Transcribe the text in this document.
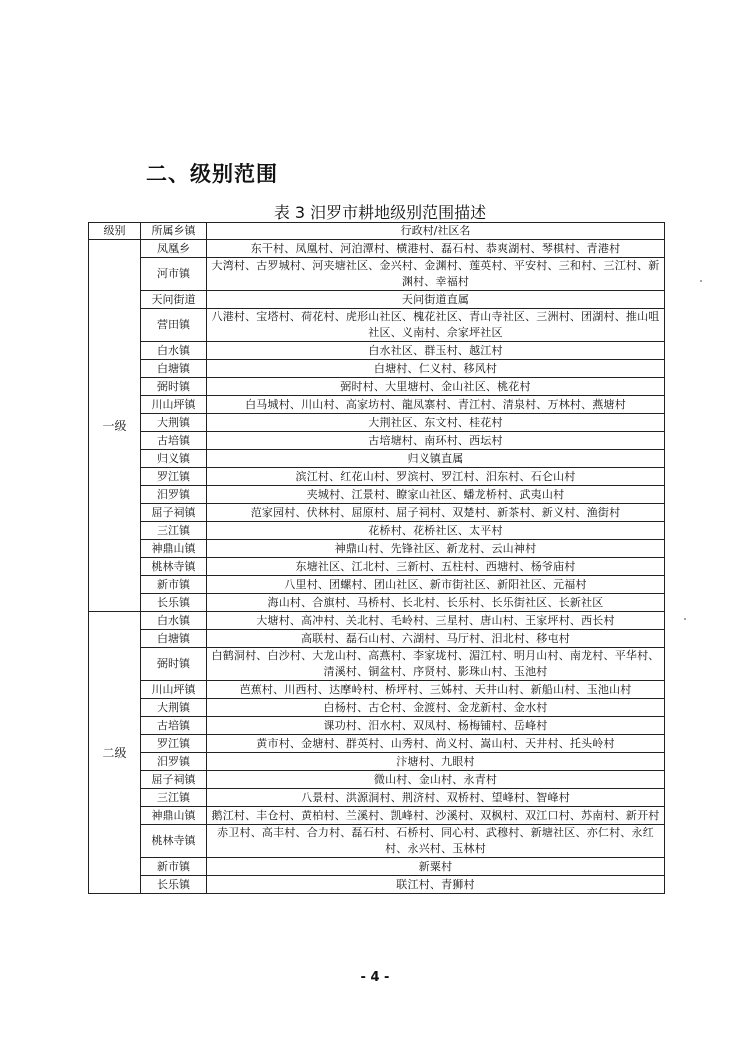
二、级别范围
表 3 汨罗市耕地级别范围描述
级别	所属乡镇	行政村/社区名
一级	凤凰乡	东干村、凤凰村、河泊潭村、横港村、磊石村、恭爽湖村、琴棋村、青港村
	河市镇	大湾村、古罗城村、河夹塘社区、金兴村、金渊村、莲英村、平安村、三和村、三江村、新渊村、幸福村
	天问街道	天问街道直属
	营田镇	八港村、宝塔村、荷花村、虎形山社区、槐花社区、青山寺社区、三洲村、团湖村、推山咀社区、义南村、佘家坪社区
	白水镇	白水社区、群玉村、越江村
	白塘镇	白塘村、仁义村、移风村
	弼时镇	弼时村、大里塘村、金山社区、桃花村
	川山坪镇	白马城村、川山村、高家坊村、龍凤寨村、青江村、清泉村、万林村、燕塘村
	大荆镇	大荆社区、东文村、桂花村
	古培镇	古培塘村、南环村、西坛村
	归义镇	归义镇直属
	罗江镇	滨江村、红花山村、罗滨村、罗江村、汨东村、石仑山村
	汨罗镇	夹城村、江景村、瞭家山社区、蟠龙桥村、武夷山村
	屈子祠镇	范家园村、伏林村、屈原村、屈子祠村、双楚村、新茶村、新义村、渔街村
	三江镇	花桥村、花桥社区、太平村
	神鼎山镇	神鼎山村、先锋社区、新龙村、云山神村
	桃林寺镇	东塘社区、江北村、三新村、五柱村、西塘村、杨爷庙村
	新市镇	八里村、团螺村、团山社区、新市街社区、新阳社区、元福村
	长乐镇	海山村、合旗村、马桥村、长北村、长乐村、长乐街社区、长新社区
二级	白水镇	大塘村、高冲村、关北村、毛岭村、三星村、唐山村、王家坪村、西长村
	白塘镇	高联村、磊石山村、六湖村、马厅村、汨北村、移屯村
	弼时镇	白鹤洞村、白沙村、大龙山村、高燕村、李家垅村、湄江村、明月山村、南龙村、平华村、清溪村、铜盆村、序贤村、影珠山村、玉池村
	川山坪镇	芭蕉村、川西村、达摩岭村、桥坪村、三姊村、天井山村、新船山村、玉池山村
	大荆镇	白杨村、古仑村、金渡村、金龙新村、金水村
	古培镇	课功村、汨水村、双凤村、杨梅铺村、岳峰村
	罗江镇	黄市村、金塘村、群英村、山秀村、尚义村、嵩山村、天井村、托头岭村
	汨罗镇	汴塘村、九眼村
	屈子祠镇	微山村、金山村、永青村
	三江镇	八景村、洪源洞村、荆济村、双桥村、望峰村、智峰村
	神鼎山镇	鹅江村、丰仓村、黄柏村、兰溪村、凯峰村、沙溪村、双枫村、双江口村、苏南村、新开村
	桃林寺镇	赤卫村、高丰村、合力村、磊石村、石桥村、同心村、武穆村、新塘社区、亦仁村、永红村、永兴村、玉林村
	新市镇	新粟村
	长乐镇	联江村、青狮村
- 4 -
